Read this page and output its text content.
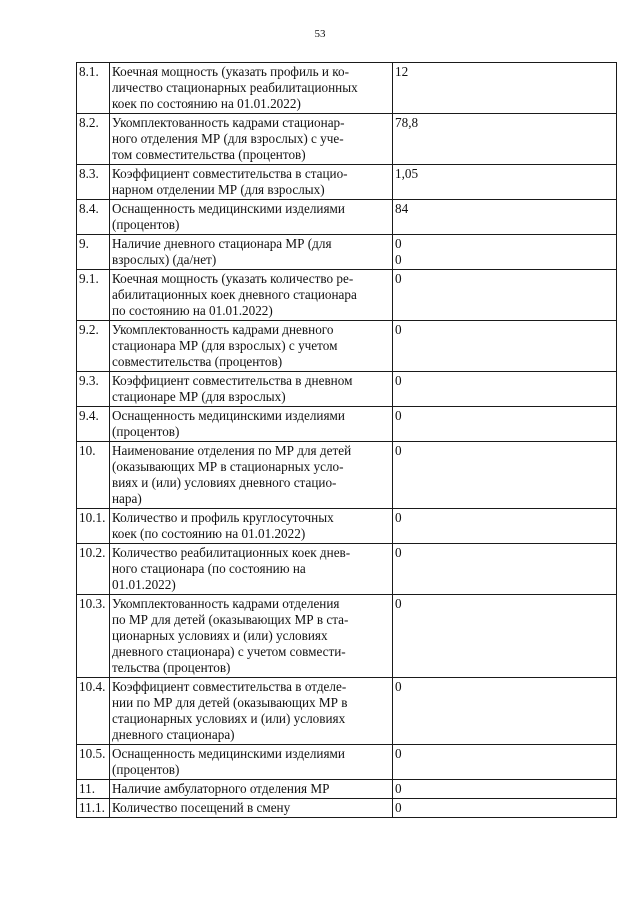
53
8.1.	Коечная мощность (указать профиль и ко-
личество стационарных реабилитационных
коек по состоянию на 01.01.2022)	12
8.2.	Укомплектованность кадрами стационар-
ного отделения МР (для взрослых) с уче-
том совместительства (процентов)	78,8
8.3.	Коэффициент совместительства в стацио-
нарном отделении МР (для взрослых)	1,05
8.4.	Оснащенность медицинскими изделиями
(процентов)	84
9.	Наличие дневного стационара МР (для
взрослых) (да/нет)	0
0
9.1.	Коечная мощность (указать количество ре-
абилитационных коек дневного стационара
по состоянию на 01.01.2022)	0
9.2.	Укомплектованность кадрами дневного
стационара МР (для взрослых) с учетом
совместительства (процентов)	0
9.3.	Коэффициент совместительства в дневном
стационаре МР (для взрослых)	0
9.4.	Оснащенность медицинскими изделиями
(процентов)	0
10.	Наименование отделения по МР для детей
(оказывающих МР в стационарных усло-
виях и (или) условиях дневного стацио-
нара)	0
10.1.	Количество и профиль круглосуточных
коек (по состоянию на 01.01.2022)	0
10.2.	Количество реабилитационных коек днев-
ного стационара (по состоянию на
01.01.2022)	0
10.3.	Укомплектованность кадрами отделения
по МР для детей (оказывающих МР в ста-
ционарных условиях и (или) условиях
дневного стационара) с учетом совмести-
тельства (процентов)	0
10.4.	Коэффициент совместительства в отделе-
нии по МР для детей (оказывающих МР в
стационарных условиях и (или) условиях
дневного стационара)	0
10.5.	Оснащенность медицинскими изделиями
(процентов)	0
11.	Наличие амбулаторного отделения МР	0
11.1.	Количество посещений в смену	0
